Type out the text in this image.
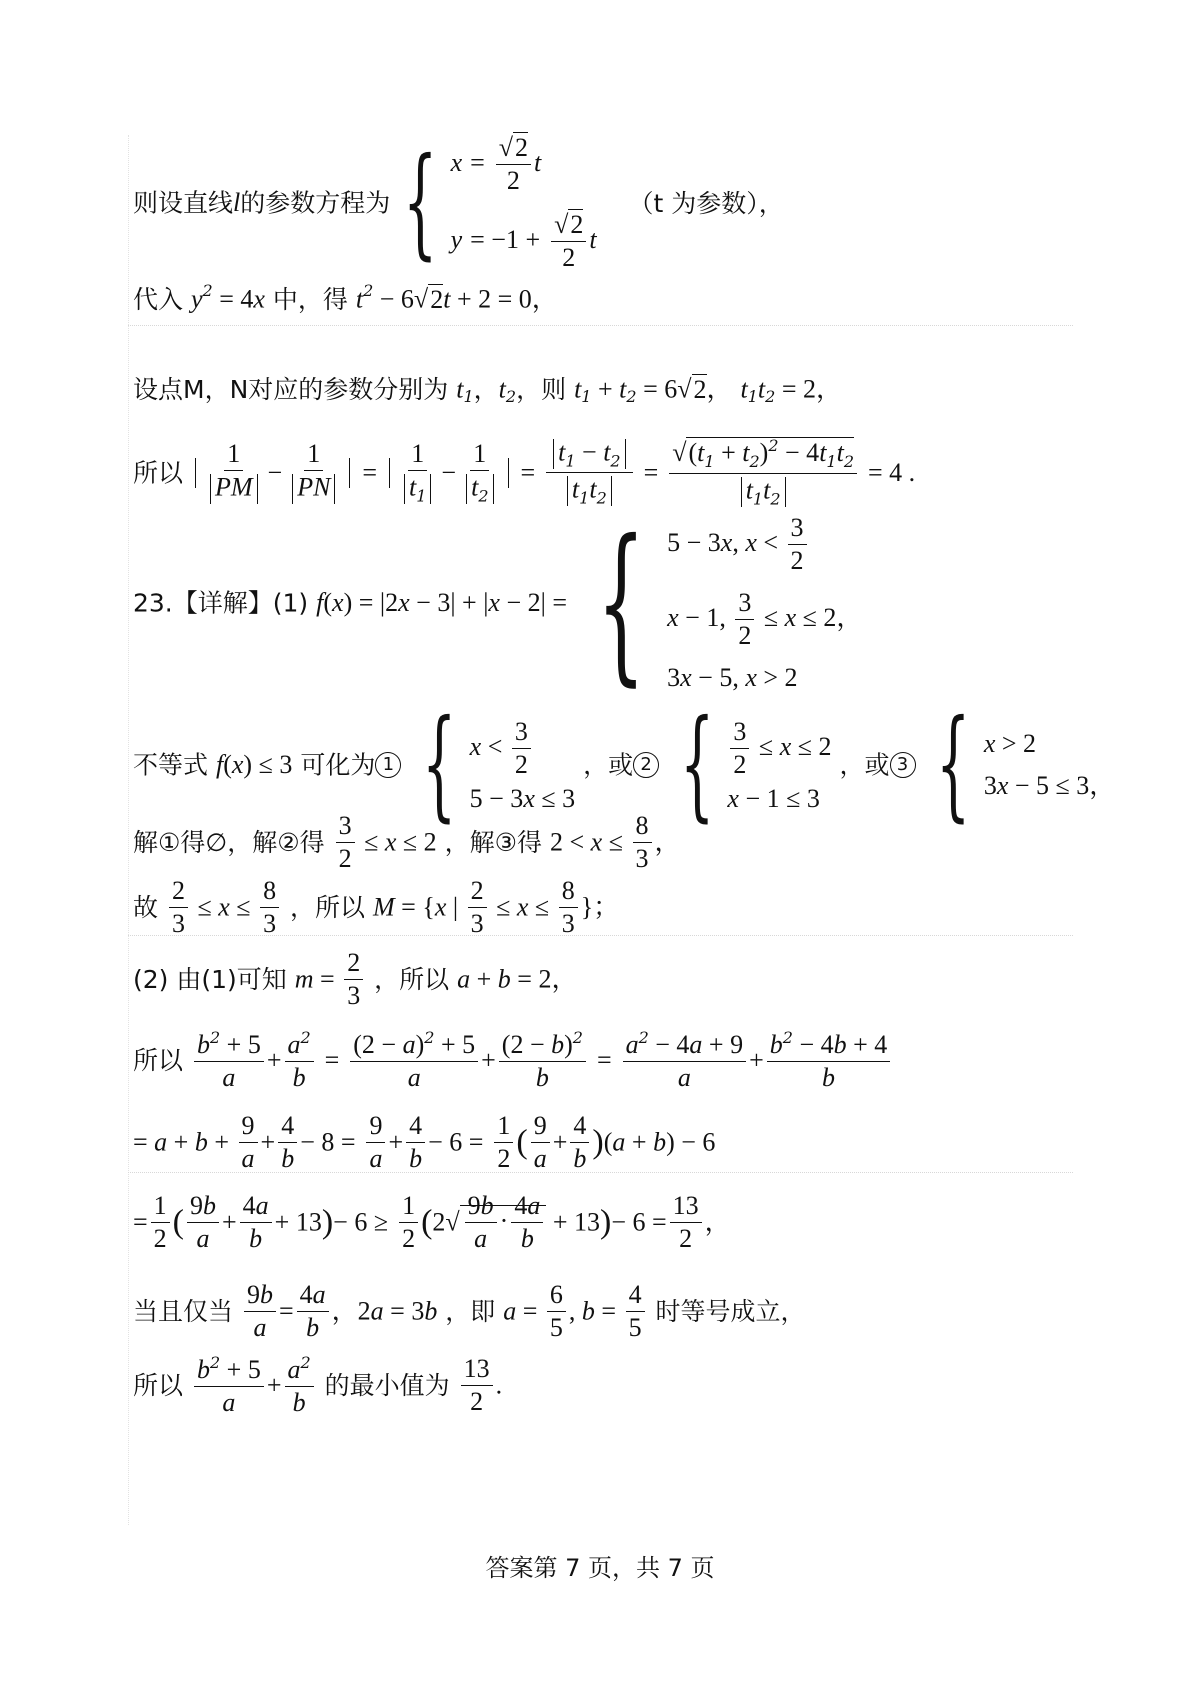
则设直线l的参数方程为 { $x = \frac{√2}{2}$ t
$y = -1 + \frac{√2}{2}$ t
（t 为参数），
代入 $y^2 = 4x$ 中，得 $t^2 - 6√2t + 2 = 0$，
设点M，N对应的参数分别为 $t_1$，$t_2$，则 $t_1 + t_2 = 6√2$， $t_1t_2 = 2$，
所以 $\frac{1}{PM} - \frac{1}{PN} = \frac{1}{t_1} - \frac{1}{t_2} = \frac{t_1 - t_2}{t_1t_2} = \frac{√(t_1 + t_2)^2 - 4t_1t_2}{t_1t_2} = 4$ .
23.【详解】(1) f(x) = |2x − 3| + |x − 2| = { 5 − 3x, $x < \frac{3}{2}$
x − 1, $\frac{3}{2} \le x \le 2$，
3x − 5, x > 2
不等式 f(x) ≤ 3 可化为 1 { $x < \frac{3}{2}$
5 − 3x ≤ 3
，或 2 { $\frac{3}{2} \le x \le 2$
x − 1 ≤ 3
，或 3 { x > 2
3x − 5 ≤ 3，
解①得∅，解②得 $\frac{3}{2} \le x \le 2$ ，解③得 $2 < x \le \frac{8}{3}$ ，
故 $\frac{2}{3} \le x \le \frac{8}{3}$ ，所以 M = {x | $\frac{2}{3} \le x \le \frac{8}{3}$ }；
(2) 由(1)可知 $m = \frac{2}{3}$ ，所以 a + b = 2，
所以 $\frac{b^2 + 5}{a} + \frac{a^2}{b} = \frac{(2 - a)^2 + 5}{a} + \frac{(2 - b)^2}{b} = \frac{a^2 - 4a + 9}{a} + \frac{b^2 - 4b + 4}{b}$
= $a + b + \frac{9}{a} + \frac{4}{b} - 8 = \frac{9}{a} + \frac{4}{b} - 6 = \frac{1}{2}$ ( $\frac{9}{a} + \frac{4}{b} )(a + b) - 6$
= $\frac{1}{2}$ ( $\frac{9b}{a} + \frac{4a}{b} + 13)- 6 \ge \frac{1}{2} (2√ \frac{9b}{a} \cdot \frac{4a}{b} + 13)- 6 = \frac{13}{2}$ ，
当且仅当 $\frac{9b}{a} = \frac{4a}{b}$ ，2a = 3b ，即 $a = \frac{6}{5}$ , $b = \frac{4}{5}$ 时等号成立，
所以 $\frac{b^2 + 5}{a} + \frac{a^2}{b}$ 的最小值为 $\frac{13}{2}$ .
答案第 7 页，共 7 页
